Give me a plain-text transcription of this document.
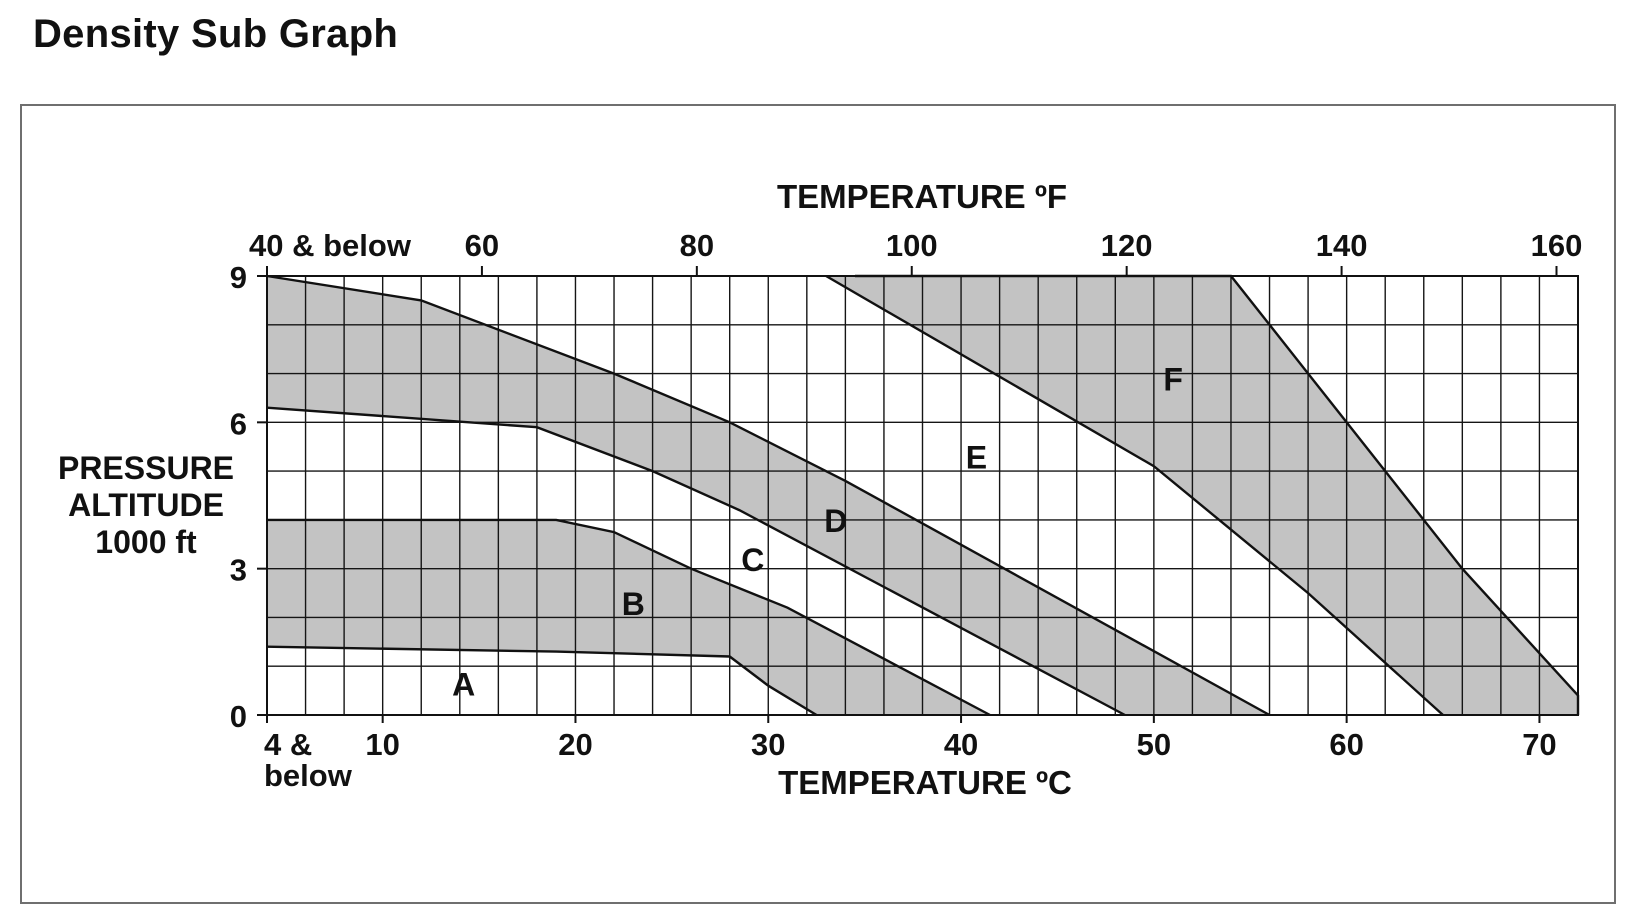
Density Sub Graph
TEMPERATURE ºF
40 & below 60	80	100	120	140	160
4 &
below
10	20	30	40	50	60	70
TEMPERATURE ºC
0
3
6
9
PRESSURE
ALTITUDE
1000 ft
B
D
F
A
C
E
